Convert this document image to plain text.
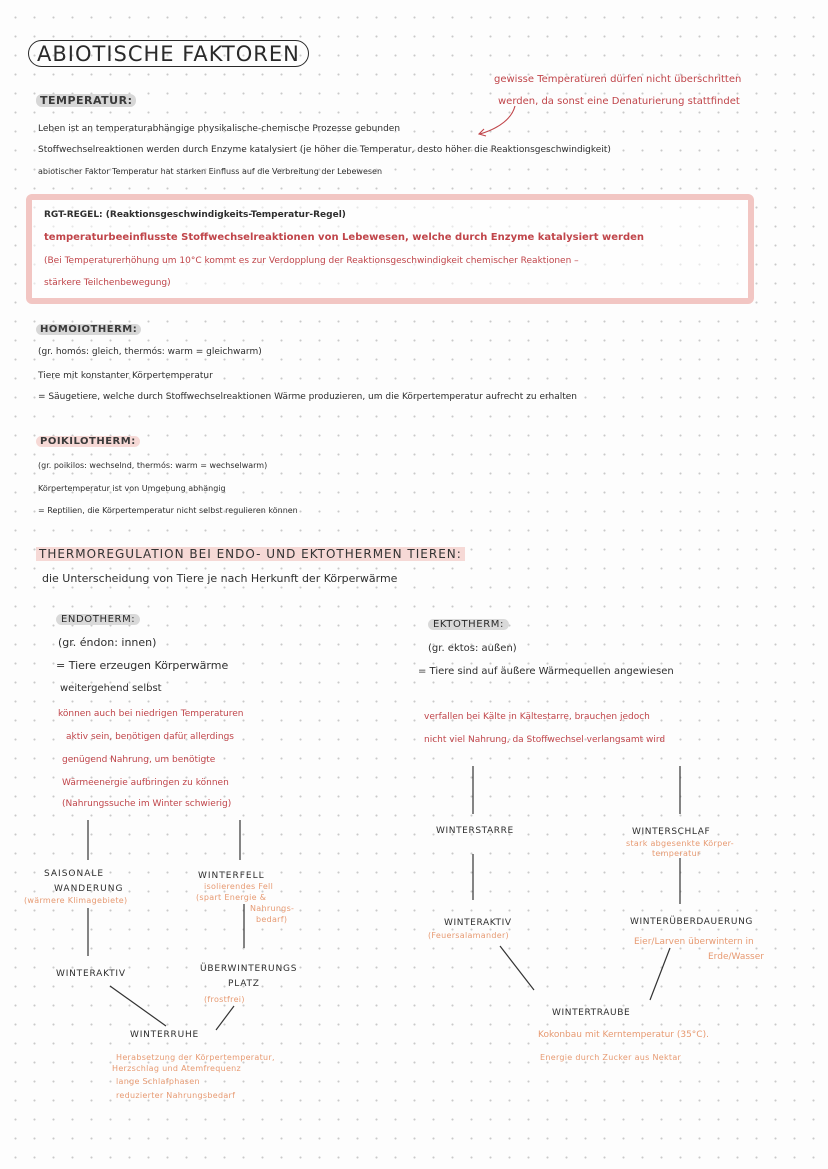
ABIOTISCHE FAKTOREN
gewisse Temperaturen dürfen nicht überschritten
werden, da sonst eine Denaturierung stattfindet
TEMPERATUR:
Leben ist an temperaturabhängige physikalische-chemische Prozesse gebunden
Stoffwechselreaktionen werden durch Enzyme katalysiert (je höher die Temperatur, desto höher die Reaktionsgeschwindigkeit)
abiotischer Faktor Temperatur hat starken Einfluss auf die Verbreitung der Lebewesen
RGT-REGEL: (Reaktionsgeschwindigkeits-Temperatur-Regel)
temperaturbeeinflusste Stoffwechselreaktionen von Lebewesen, welche durch Enzyme katalysiert werden
(Bei Temperaturerhöhung um 10°C kommt es zur Verdopplung der Reaktionsgeschwindigkeit chemischer Reaktionen –
stärkere Teilchenbewegung)
HOMOIOTHERM:
(gr. homós: gleich, thermós: warm = gleichwarm)
Tiere mit konstanter Körpertemperatur
= Säugetiere, welche durch Stoffwechselreaktionen Wärme produzieren, um die Körpertemperatur aufrecht zu erhalten
POIKILOTHERM:
(gr. poikilos: wechselnd, thermós: warm = wechselwarm)
Körpertemperatur ist von Umgebung abhängig
= Reptilien, die Körpertemperatur nicht selbst regulieren können
THERMOREGULATION BEI ENDO- UND EKTOTHERMEN TIEREN:
die Unterscheidung von Tiere je nach Herkunft der Körperwärme
ENDOTHERM:
(gr. éndon: innen)
= Tiere erzeugen Körperwärme
weitergehend selbst
können auch bei niedrigen Temperaturen
aktiv sein, benötigen dafür allerdings
genügend Nahrung, um benötigte
Wärmeenergie aufbringen zu können
(Nahrungssuche im Winter schwierig)
SAISONALE
WANDERUNG
(wärmere Klimagebiete)
WINTERFELL
isolierendes Fell
(spart Energie &
Nahrungs-
bedarf)
WINTERAKTIV	ÜBERWINTERUNGS
PLATZ
(frostfrei)
WINTERRUHE
Herabsetzung der Körpertemperatur,
Herzschlag und Atemfrequenz
lange Schlafphasen
reduzierter Nahrungsbedarf
EKTOTHERM:
(gr. ektos: außen)
= Tiere sind auf äußere Wärmequellen angewiesen
verfallen bei Kälte in Kältestarre, brauchen jedoch
nicht viel Nahrung, da Stoffwechsel verlangsamt wird
WINTERSTARRE	WINTERSCHLAF
stark abgesenkte Körper-
temperatur
WINTERAKTIV
(Feuersalamander)
WINTERÜBERDAUERUNG
Eier/Larven überwintern in
Erde/Wasser
WINTERTRAUBE
Kokonbau mit Kerntemperatur (35°C).
Energie durch Zucker aus Nektar
